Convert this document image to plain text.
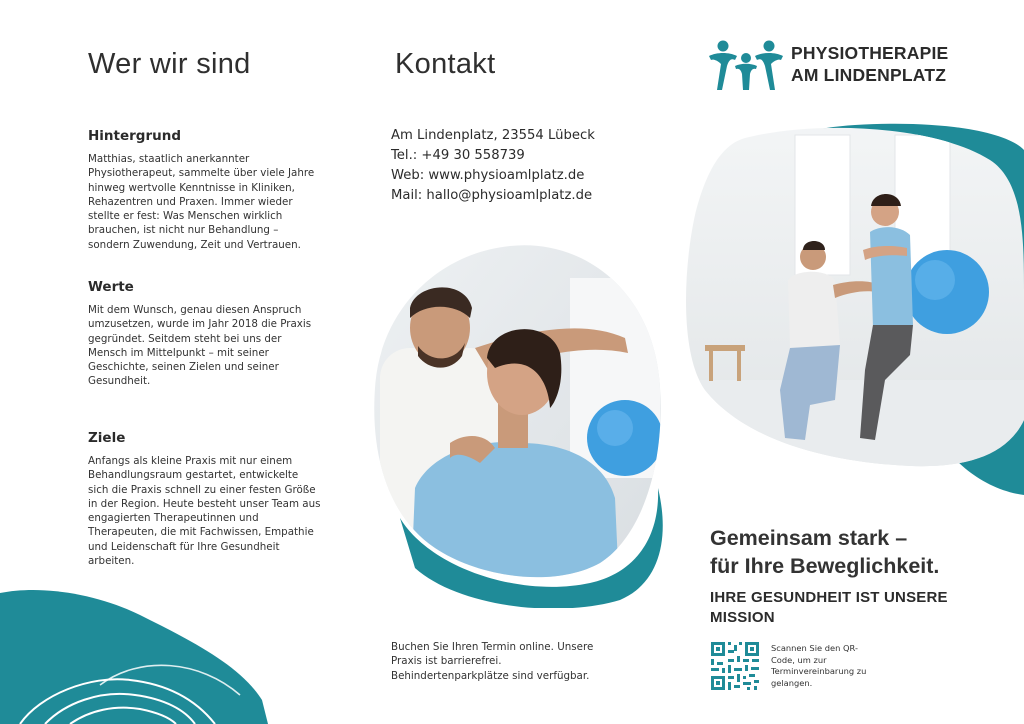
Wer wir sind
Hintergrund
Matthias, staatlich anerkannter
Physiotherapeut, sammelte über viele Jahre
hinweg wertvolle Kenntnisse in Kliniken,
Rehazentren und Praxen. Immer wieder
stellte er fest: Was Menschen wirklich
brauchen, ist nicht nur Behandlung –
sondern Zuwendung, Zeit und Vertrauen.
Werte
Mit dem Wunsch, genau diesen Anspruch
umzusetzen, wurde im Jahr 2018 die Praxis
gegründet. Seitdem steht bei uns der
Mensch im Mittelpunkt – mit seiner
Geschichte, seinen Zielen und seiner
Gesundheit.
Ziele
Anfangs als kleine Praxis mit nur einem
Behandlungsraum gestartet, entwickelte
sich die Praxis schnell zu einer festen Größe
in der Region. Heute besteht unser Team aus
engagierten Therapeutinnen und
Therapeuten, die mit Fachwissen, Empathie
und Leidenschaft für Ihre Gesundheit
arbeiten.
Kontakt
Am Lindenplatz, 23554 Lübeck
Tel.: +49 30 558739
Web: www.physioamlplatz.de
Mail: hallo@physioamlplatz.de
Buchen Sie Ihren Termin online. Unsere
Praxis ist barrierefrei.
Behindertenparkplätze sind verfügbar.
PHYSIOTHERAPIE
AM LINDENPLATZ
Gemeinsam stark –
für Ihre Beweglichkeit.
IHRE GESUNDHEIT IST UNSERE
MISSION
Scannen Sie den QR-
Code, um zur
Terminvereinbarung zu
gelangen.
